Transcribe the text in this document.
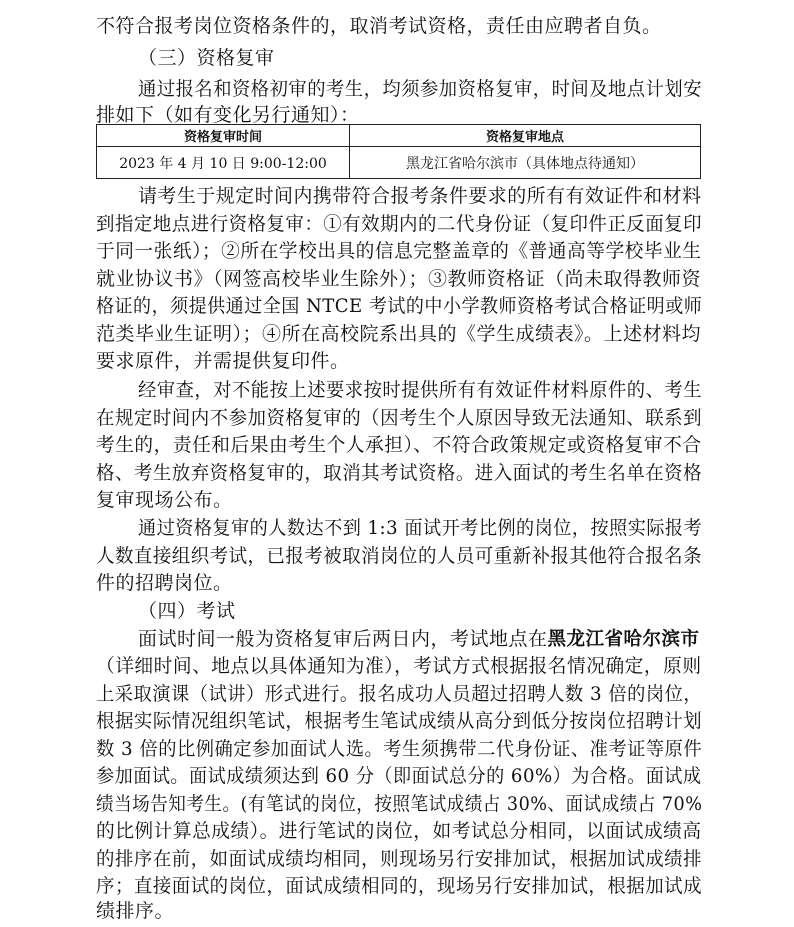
不符合报考岗位资格条件的，取消考试资格，责任由应聘者自负。
（三）资格复审
通过报名和资格初审的考生，均须参加资格复审，时间及地点计划安
排如下（如有变化另行通知）：
资格复审时间	资格复审地点
2023 年 4 月 10 日 9:00-12:00	黑龙江省哈尔滨市（具体地点待通知）
请考生于规定时间内携带符合报考条件要求的所有有效证件和材料
到指定地点进行资格复审：①有效期内的二代身份证（复印件正反面复印
于同一张纸）；②所在学校出具的信息完整盖章的《普通高等学校毕业生
就业协议书》（网签高校毕业生除外）；③教师资格证（尚未取得教师资
格证的，须提供通过全国 NTCE 考试的中小学教师资格考试合格证明或师
范类毕业生证明）；④所在高校院系出具的《学生成绩表》。上述材料均
要求原件，并需提供复印件。
经审查，对不能按上述要求按时提供所有有效证件材料原件的、考生
在规定时间内不参加资格复审的（因考生个人原因导致无法通知、联系到
考生的，责任和后果由考生个人承担）、不符合政策规定或资格复审不合
格、考生放弃资格复审的，取消其考试资格。进入面试的考生名单在资格
复审现场公布。
通过资格复审的人数达不到 1:3 面试开考比例的岗位，按照实际报考
人数直接组织考试，已报考被取消岗位的人员可重新补报其他符合报名条
件的招聘岗位。
（四）考试
面试时间一般为资格复审后两日内，考试地点在黑龙江省哈尔滨市
（详细时间、地点以具体通知为准），考试方式根据报名情况确定，原则
上采取演课（试讲）形式进行。报名成功人员超过招聘人数 3 倍的岗位，
根据实际情况组织笔试，根据考生笔试成绩从高分到低分按岗位招聘计划
数 3 倍的比例确定参加面试人选。考生须携带二代身份证、准考证等原件
参加面试。面试成绩须达到 60 分（即面试总分的 60%）为合格。面试成
绩当场告知考生。(有笔试的岗位，按照笔试成绩占 30%、面试成绩占 70%
的比例计算总成绩）。进行笔试的岗位，如考试总分相同，以面试成绩高
的排序在前，如面试成绩均相同，则现场另行安排加试，根据加试成绩排
序；直接面试的岗位，面试成绩相同的，现场另行安排加试，根据加试成
绩排序。
